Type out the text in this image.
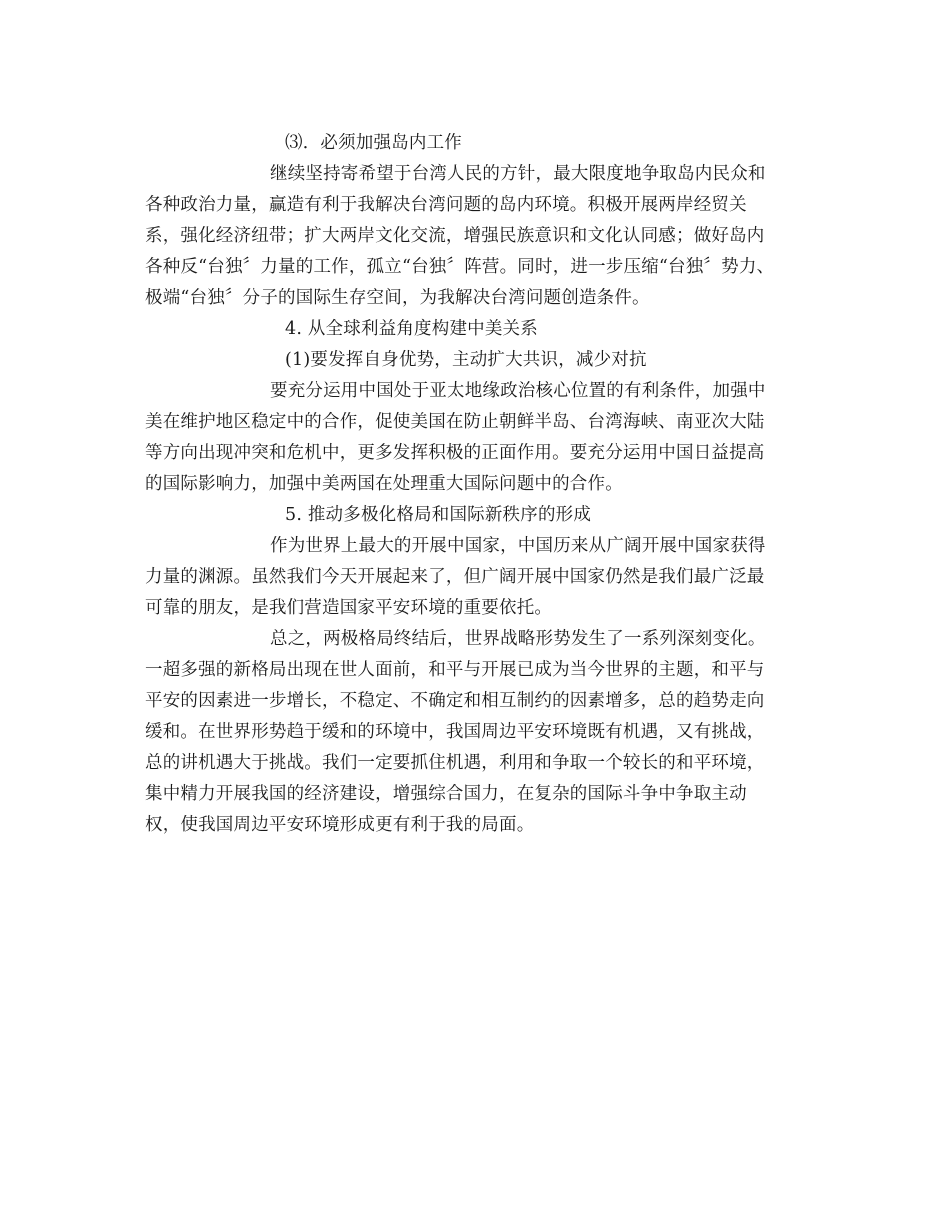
⑶．必须加强岛内工作
继续坚持寄希望于台湾人民的方针，最大限度地争取岛内民众和
各种政治力量，赢造有利于我解决台湾问题的岛内环境。积极开展两岸经贸关
系，强化经济纽带；扩大两岸文化交流，增强民族意识和文化认同感；做好岛内
各种反“台独〞力量的工作，孤立“台独〞阵营。同时，进一步压缩“台独〞势力、
极端“台独〞分子的国际生存空间，为我解决台湾问题创造条件。
4. 从全球利益角度构建中美关系
(1)要发挥自身优势，主动扩大共识，减少对抗
要充分运用中国处于亚太地缘政治核心位置的有利条件，加强中
美在维护地区稳定中的合作，促使美国在防止朝鲜半岛、台湾海峡、南亚次大陆
等方向出现冲突和危机中，更多发挥积极的正面作用。要充分运用中国日益提高
的国际影响力，加强中美两国在处理重大国际问题中的合作。
5. 推动多极化格局和国际新秩序的形成
作为世界上最大的开展中国家，中国历来从广阔开展中国家获得
力量的渊源。虽然我们今天开展起来了，但广阔开展中国家仍然是我们最广泛最
可靠的朋友，是我们营造国家平安环境的重要依托。
总之，两极格局终结后，世界战略形势发生了一系列深刻变化。
一超多强的新格局出现在世人面前，和平与开展已成为当今世界的主题，和平与
平安的因素进一步增长，不稳定、不确定和相互制约的因素增多，总的趋势走向
缓和。在世界形势趋于缓和的环境中，我国周边平安环境既有机遇，又有挑战，
总的讲机遇大于挑战。我们一定要抓住机遇，利用和争取一个较长的和平环境，
集中精力开展我国的经济建设，增强综合国力，在复杂的国际斗争中争取主动
权，使我国周边平安环境形成更有利于我的局面。
